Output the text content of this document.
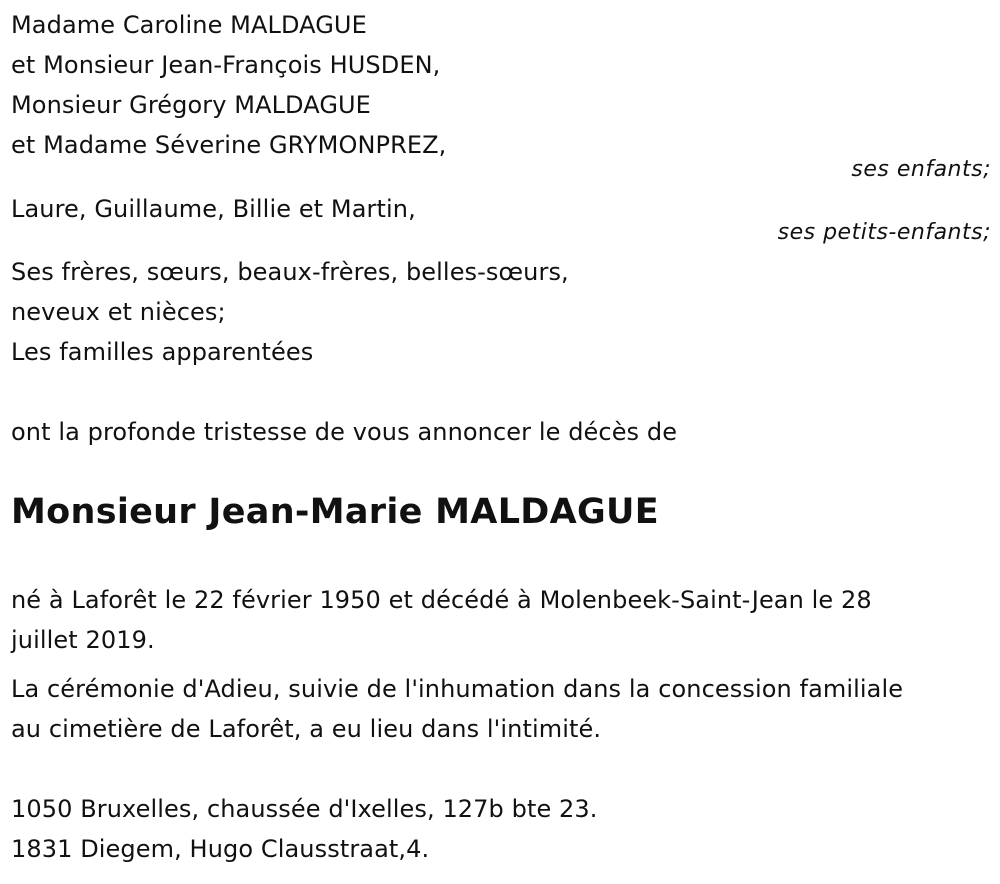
Madame Caroline MALDAGUE
et Monsieur Jean-François HUSDEN,
Monsieur Grégory MALDAGUE
et Madame Séverine GRYMONPREZ,
ses enfants;
Laure, Guillaume, Billie et Martin,
ses petits-enfants;
Ses frères, sœurs, beaux-frères, belles-sœurs,
neveux et nièces;
Les familles apparentées
ont la profonde tristesse de vous annoncer le décès de
Monsieur Jean-Marie MALDAGUE
né à Laforêt le 22 février 1950 et décédé à Molenbeek-Saint-Jean le 28
juillet 2019.
La cérémonie d'Adieu, suivie de l'inhumation dans la concession familiale
au cimetière de Laforêt, a eu lieu dans l'intimité.
1050 Bruxelles, chaussée d'Ixelles, 127b bte 23.
1831 Diegem, Hugo Clausstraat,4.
